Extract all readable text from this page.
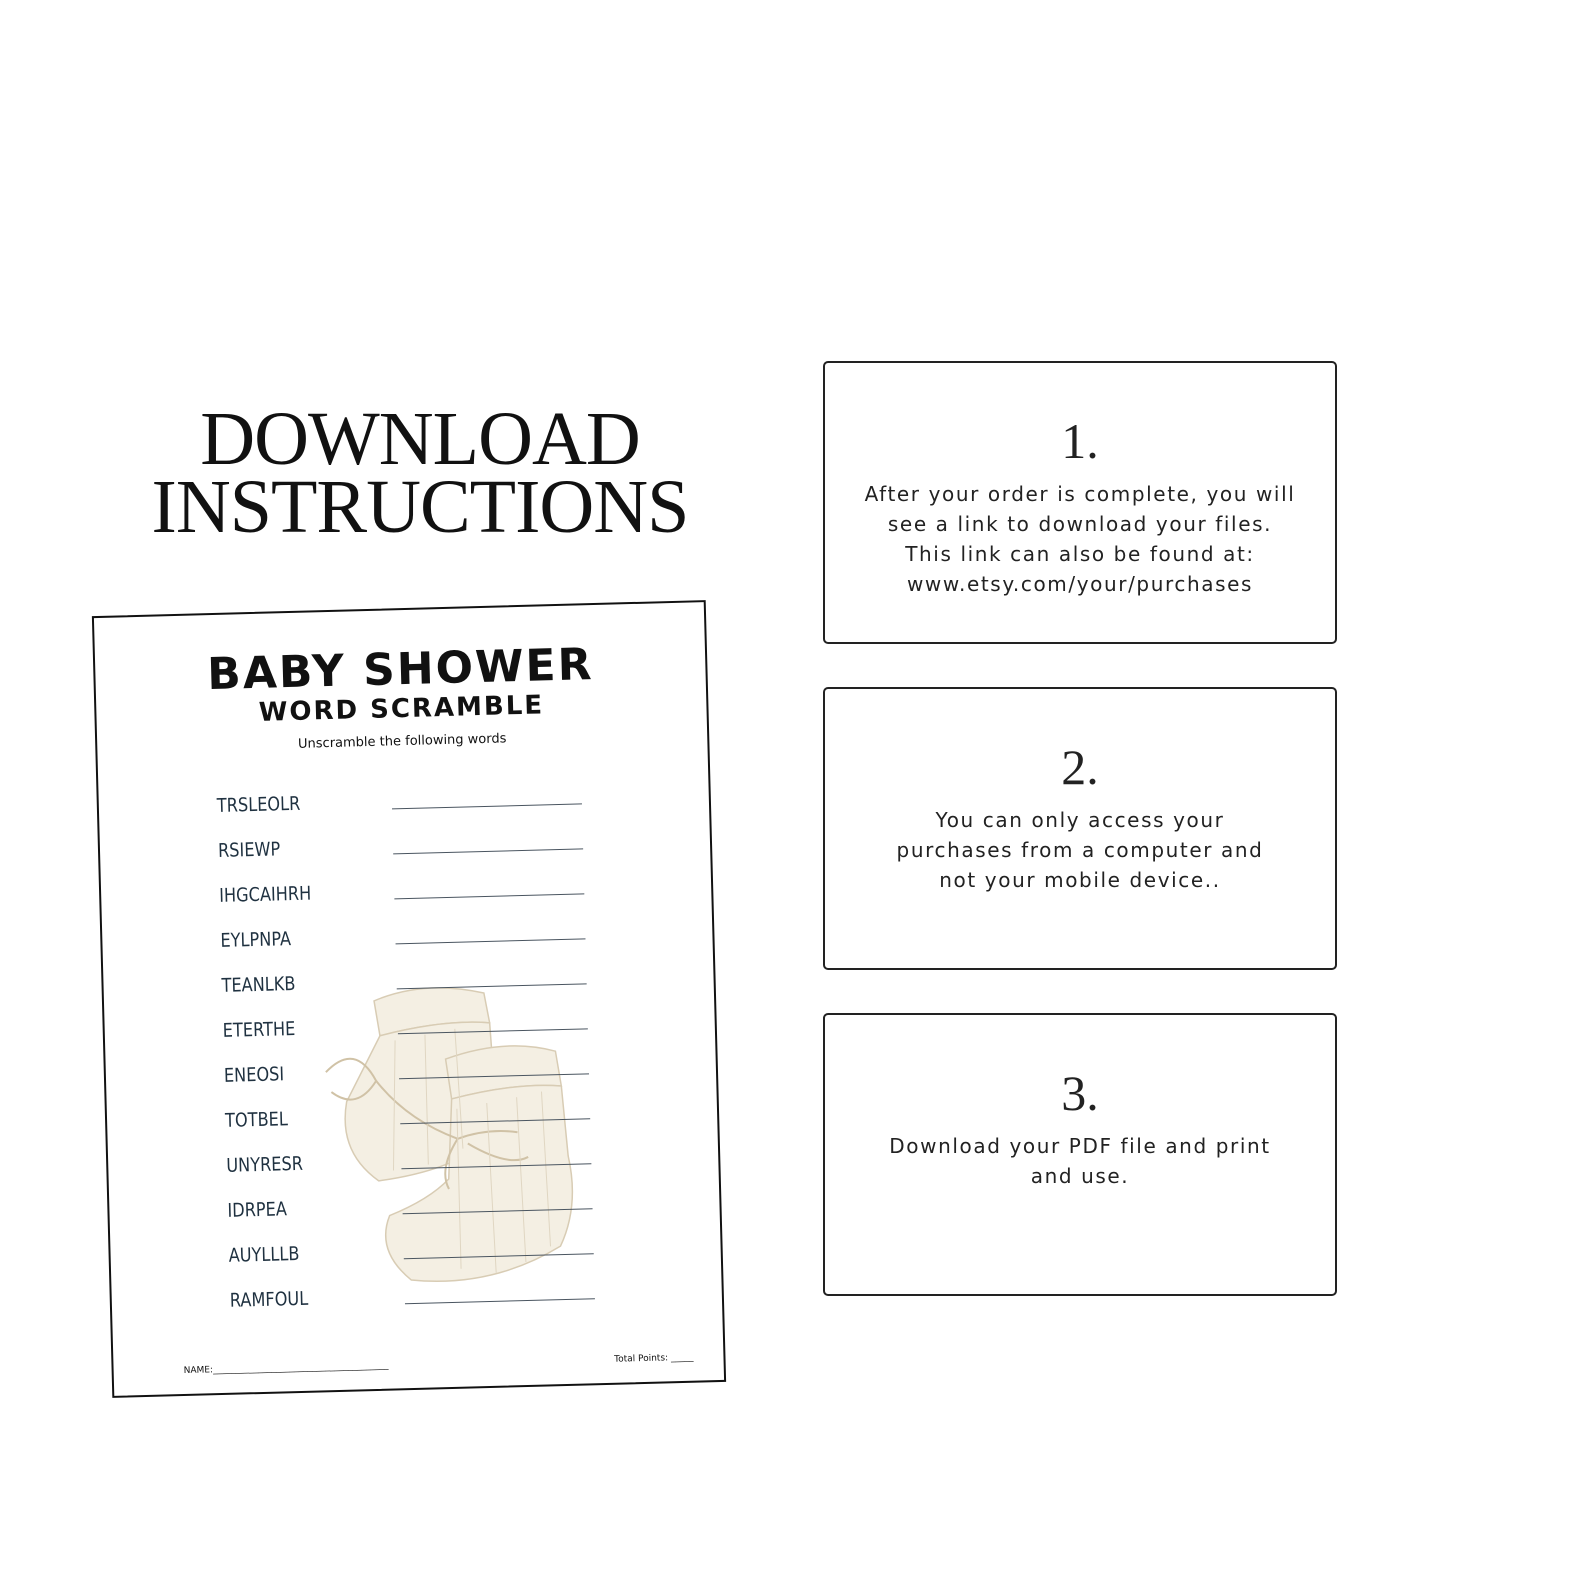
DOWNLOAD
INSTRUCTIONS
1.
After your order is complete, you will
see a link to download your files.
This link can also be found at:
www.etsy.com/your/purchases
2.
You can only access your
purchases from a computer and
not your mobile device..
3.
Download your PDF file and print
and use.
BABY SHOWER
WORD SCRAMBLE
Unscramble the following words
TRSLEOLR
RSIEWP
IHGCAIHRH
EYLPNPA
TEANLKB
ETERTHE
ENEOSI
TOTBEL
UNYRESR
IDRPEA
AUYLLLB
RAMFOUL
NAME:_______________________________________
Total Points: _____
